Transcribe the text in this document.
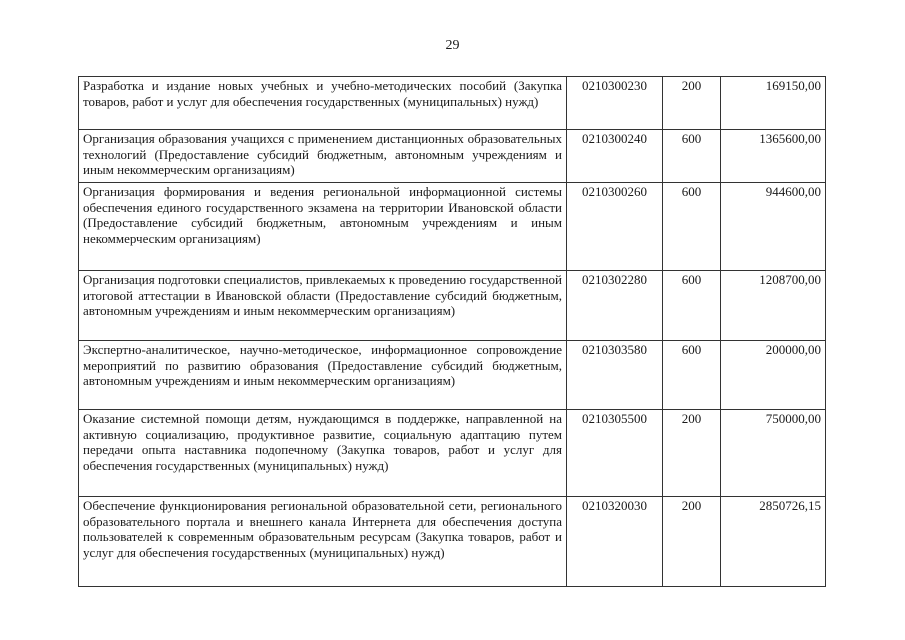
29
Разработка и издание новых учебных и учебно-методических пособий (Закупка товаров, работ и услуг для обеспечения государственных (муниципальных) нужд)	0210300230	200	169150,00
Организация образования учащихся с применением дистанционных образовательных технологий (Предоставление субсидий бюджетным, автономным учреждениям и иным некоммерческим организациям)	0210300240	600	1365600,00
Организация формирования и ведения региональной информационной системы обеспечения единого государственного экзамена на территории Ивановской области (Предоставление субсидий бюджетным, автономным учреждениям и иным некоммерческим организациям)	0210300260	600	944600,00
Организация подготовки специалистов, привлекаемых к проведению государственной итоговой аттестации в Ивановской области (Предоставление субсидий бюджетным, автономным учреждениям и иным некоммерческим организациям)	0210302280	600	1208700,00
Экспертно-аналитическое, научно-методическое, информационное сопровождение мероприятий по развитию образования (Предоставление субсидий бюджетным, автономным учреждениям и иным некоммерческим организациям)	0210303580	600	200000,00
Оказание системной помощи детям, нуждающимся в поддержке, направленной на активную социализацию, продуктивное развитие, социальную адаптацию путем передачи опыта наставника подопечному (Закупка товаров, работ и услуг для обеспечения государственных (муниципальных) нужд)	0210305500	200	750000,00
Обеспечение функционирования региональной образовательной сети, регионального образовательного портала и внешнего канала Интернета для обеспечения доступа пользователей к современным образовательным ресурсам (Закупка товаров, работ и услуг для обеспечения государственных (муниципальных) нужд)	0210320030	200	2850726,15
